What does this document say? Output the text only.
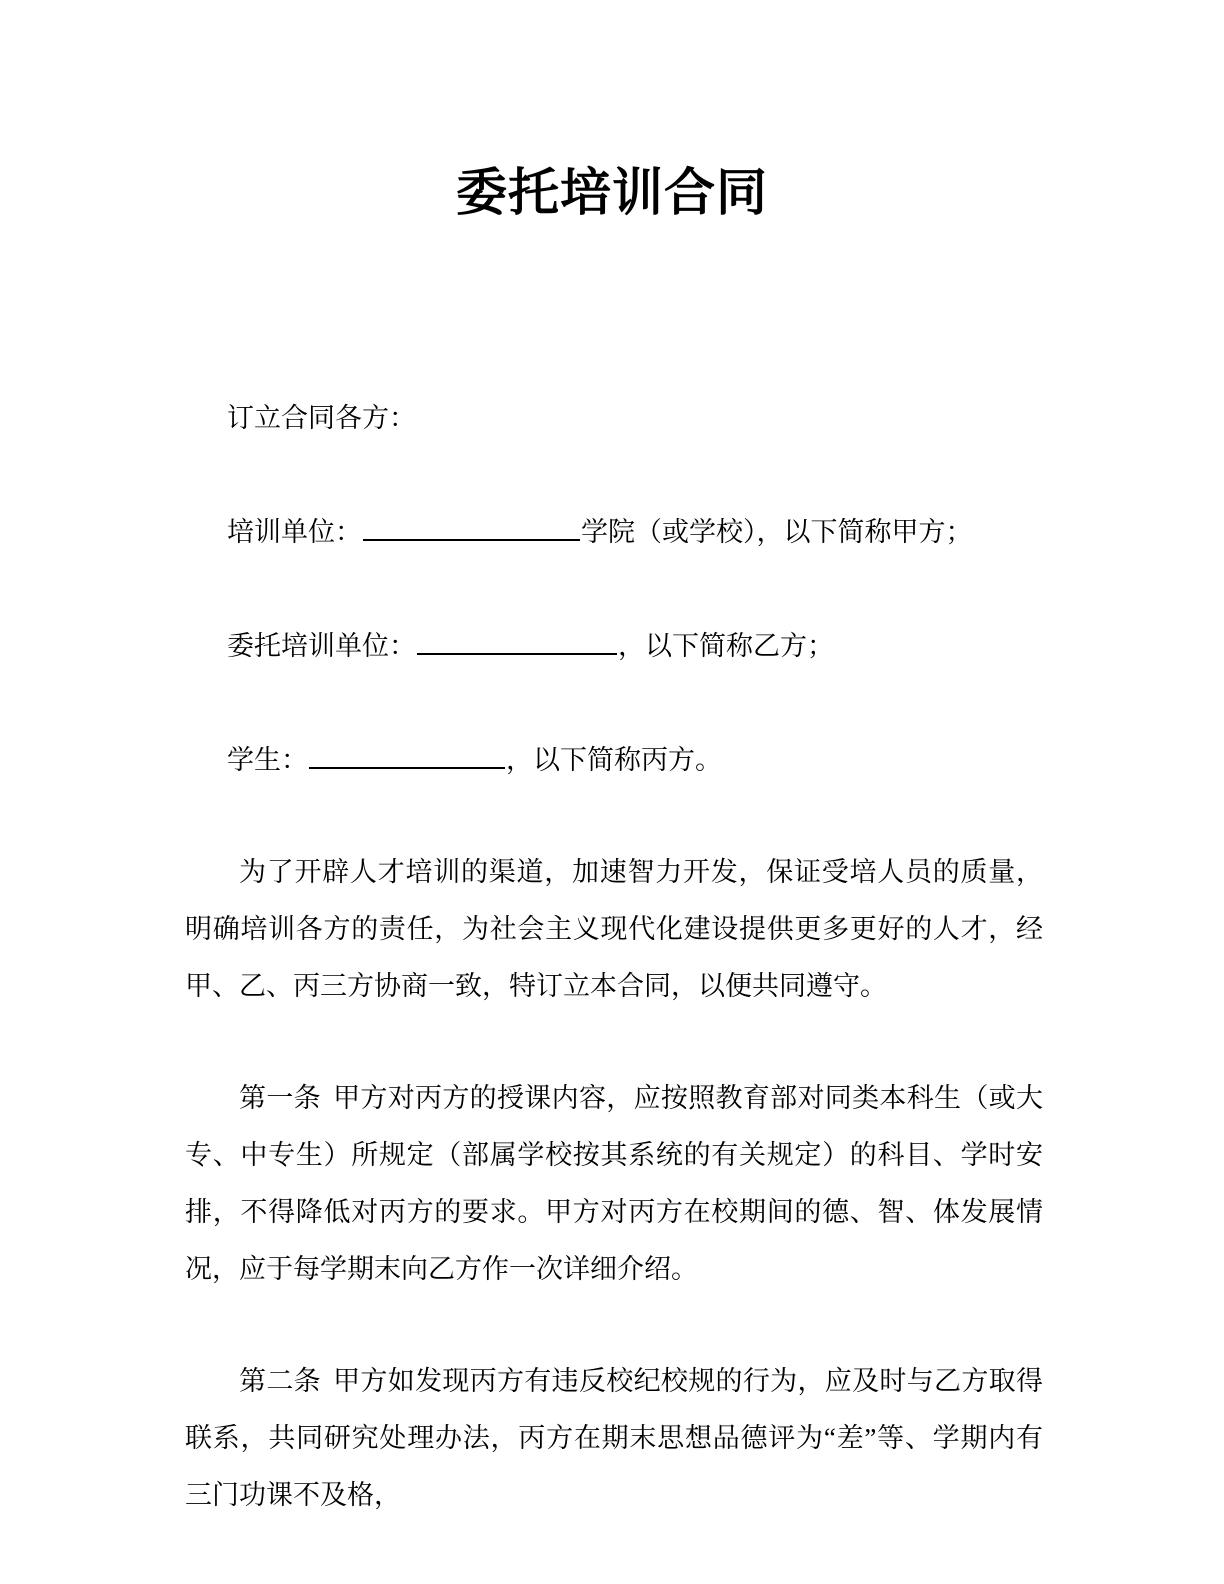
委托培训合同

订立合同各方：

培训单位：	学院（或学校），以下简称甲方；

委托培训单位：	，以下简称乙方；

学生：	，以下简称丙方。

为了开辟人才培训的渠道，加速智力开发，保证受培人员的质量，明确培训各方的责任，为社会主义现代化建设提供更多更好的人才，经甲、乙、丙三方协商一致，特订立本合同，以便共同遵守。

第一条 甲方对丙方的授课内容，应按照教育部对同类本科生（或大专、中专生）所规定（部属学校按其系统的有关规定）的科目、学时安排，不得降低对丙方的要求。甲方对丙方在校期间的德、智、体发展情况，应于每学期末向乙方作一次详细介绍。

第二条 甲方如发现丙方有违反校纪校规的行为，应及时与乙方取得联系，共同研究处理办法，丙方在期末思想品德评为“差”等、学期内有三门功课不及格，
